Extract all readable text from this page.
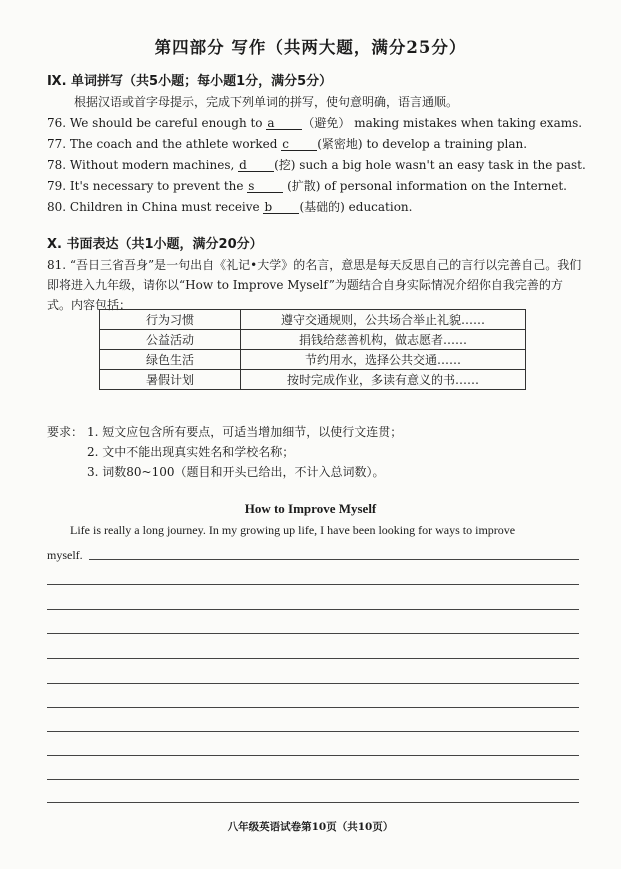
第四部分 写作（共两大题，满分25分）
Ⅸ. 单词拼写（共5小题；每小题1分，满分5分）
根据汉语或首字母提示，完成下列单词的拼写，使句意明确，语言通顺。
76. We should be careful enough to a （避免） making mistakes when taking exams.
77. The coach and the athlete worked c (紧密地) to develop a training plan.
78. Without modern machines, d (挖) such a big hole wasn't an easy task in the past.
79. It's necessary to prevent the s (扩散) of personal information on the Internet.
80. Children in China must receive b (基础的) education.
Ⅹ. 书面表达（共1小题，满分20分）
81. “吾日三省吾身”是一句出自《礼记•大学》的名言，意思是每天反思自己的言行以完善自己。我们即将进入九年级，请你以“How to Improve Myself”为题结合自身实际情况介绍你自我完善的方式。内容包括：
行为习惯	遵守交通规则，公共场合举止礼貌……
公益活动	捐钱给慈善机构，做志愿者……
绿色生活	节约用水，选择公共交通……
暑假计划	按时完成作业，多读有意义的书……
要求： 1. 短文应包含所有要点，可适当增加细节，以使行文连贯；
2. 文中不能出现真实姓名和学校名称；
3. 词数80~100（题目和开头已给出，不计入总词数）。
How to Improve Myself
Life is really a long journey. In my growing up life, I have been looking for ways to improve
myself.
八年级英语试卷第10页（共10页）
